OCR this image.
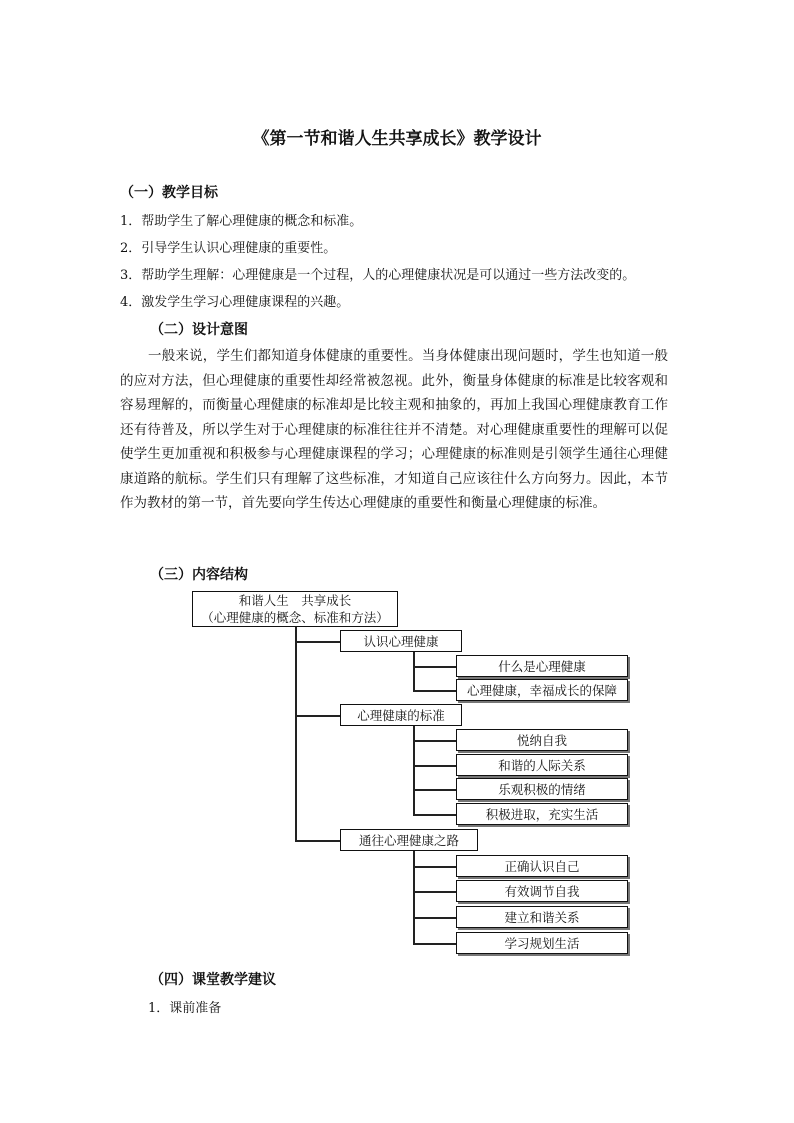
《第一节和谐人生共享成长》教学设计
（一）教学目标

1．帮助学生了解心理健康的概念和标准。

2．引导学生认识心理健康的重要性。

3．帮助学生理解：心理健康是一个过程，人的心理健康状况是可以通过一些方法改变的。

4．激发学生学习心理健康课程的兴趣。

（二）设计意图

一般来说，学生们都知道身体健康的重要性。当身体健康出现问题时，学生也知道一般的应对方法，但心理健康的重要性却经常被忽视。此外，衡量身体健康的标准是比较客观和容易理解的，而衡量心理健康的标准却是比较主观和抽象的，再加上我国心理健康教育工作还有待普及，所以学生对于心理健康的标准往往并不清楚。对心理健康重要性的理解可以促使学生更加重视和积极参与心理健康课程的学习；心理健康的标准则是引领学生通往心理健康道路的航标。学生们只有理解了这些标准，才知道自己应该往什么方向努力。因此，本节作为教材的第一节，首先要向学生传达心理健康的重要性和衡量心理健康的标准。

（三）内容结构
和谐人生　共享成长
（心理健康的概念、标准和方法）
认识心理健康
什么是心理健康
心理健康，幸福成长的保障
心理健康的标准
悦纳自我
和谐的人际关系
乐观积极的情绪
积极进取，充实生活
通往心理健康之路
正确认识自己
有效调节自我
建立和谐关系
学习规划生活
（四）课堂教学建议

1．课前准备
